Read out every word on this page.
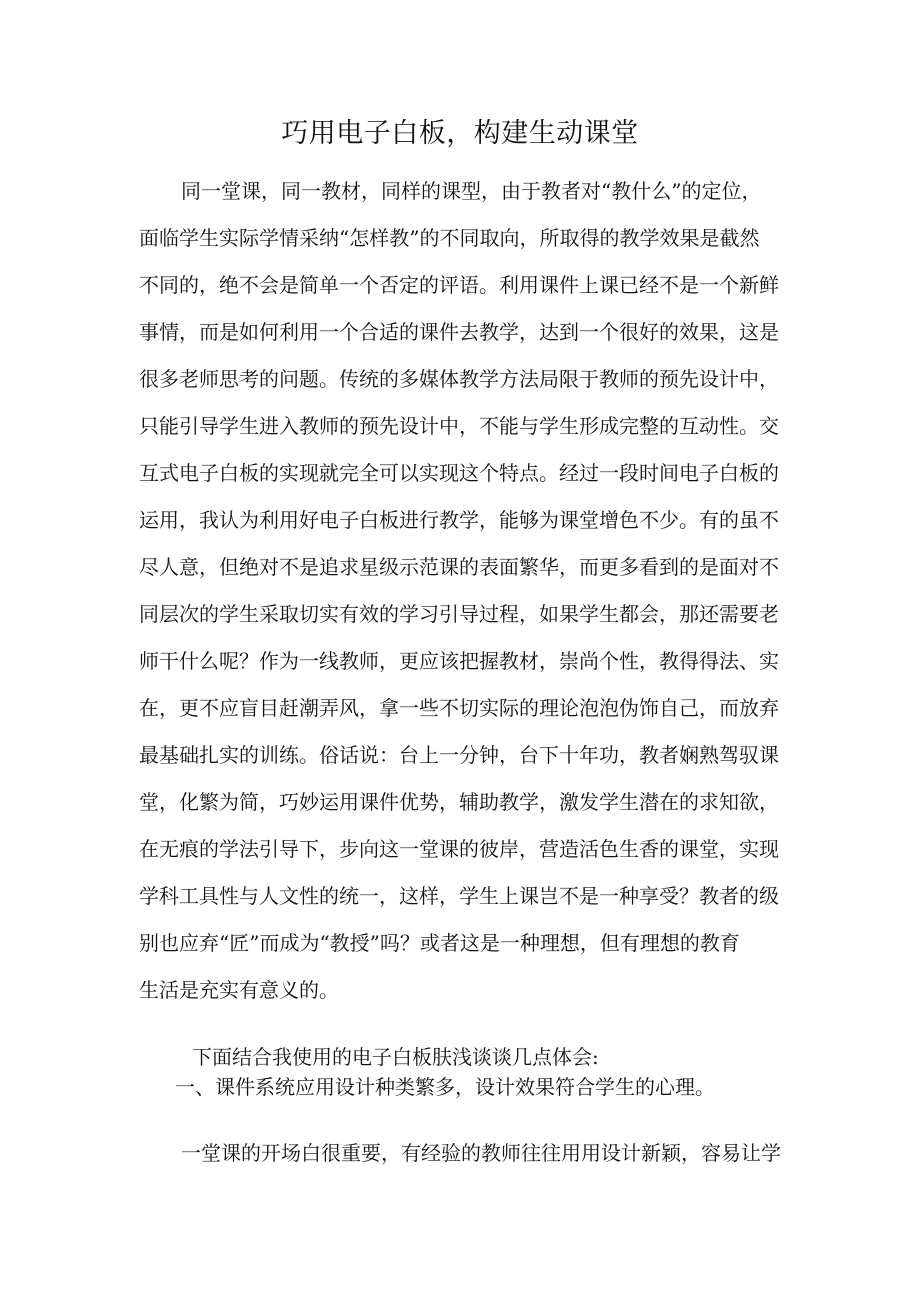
巧用电子白板，构建生动课堂

同一堂课，同一教材，同样的课型，由于教者对“教什么”的定位，

面临学生实际学情采纳“怎样教”的不同取向，所取得的教学效果是截然

不同的，绝不会是简单一个否定的评语。利用课件上课已经不是一个新鲜

事情，而是如何利用一个合适的课件去教学，达到一个很好的效果，这是

很多老师思考的问题。传统的多媒体教学方法局限于教师的预先设计中，

只能引导学生进入教师的预先设计中，不能与学生形成完整的互动性。交

互式电子白板的实现就完全可以实现这个特点。经过一段时间电子白板的

运用，我认为利用好电子白板进行教学，能够为课堂增色不少。有的虽不

尽人意，但绝对不是追求星级示范课的表面繁华，而更多看到的是面对不

同层次的学生采取切实有效的学习引导过程，如果学生都会，那还需要老

师干什么呢？作为一线教师，更应该把握教材，崇尚个性，教得得法、实

在，更不应盲目赶潮弄风，拿一些不切实际的理论泡泡伪饰自己，而放弃

最基础扎实的训练。俗话说：台上一分钟，台下十年功，教者娴熟驾驭课

堂，化繁为简，巧妙运用课件优势，辅助教学，激发学生潜在的求知欲，

在无痕的学法引导下，步向这一堂课的彼岸，营造活色生香的课堂，实现

学科工具性与人文性的统一，这样，学生上课岂不是一种享受？教者的级

别也应弃“匠”而成为“教授”吗？或者这是一种理想，但有理想的教育

生活是充实有意义的。

下面结合我使用的电子白板肤浅谈谈几点体会:

一、课件系统应用设计种类繁多，设计效果符合学生的心理。

一堂课的开场白很重要，有经验的教师往往用用设计新颖，容易让学
